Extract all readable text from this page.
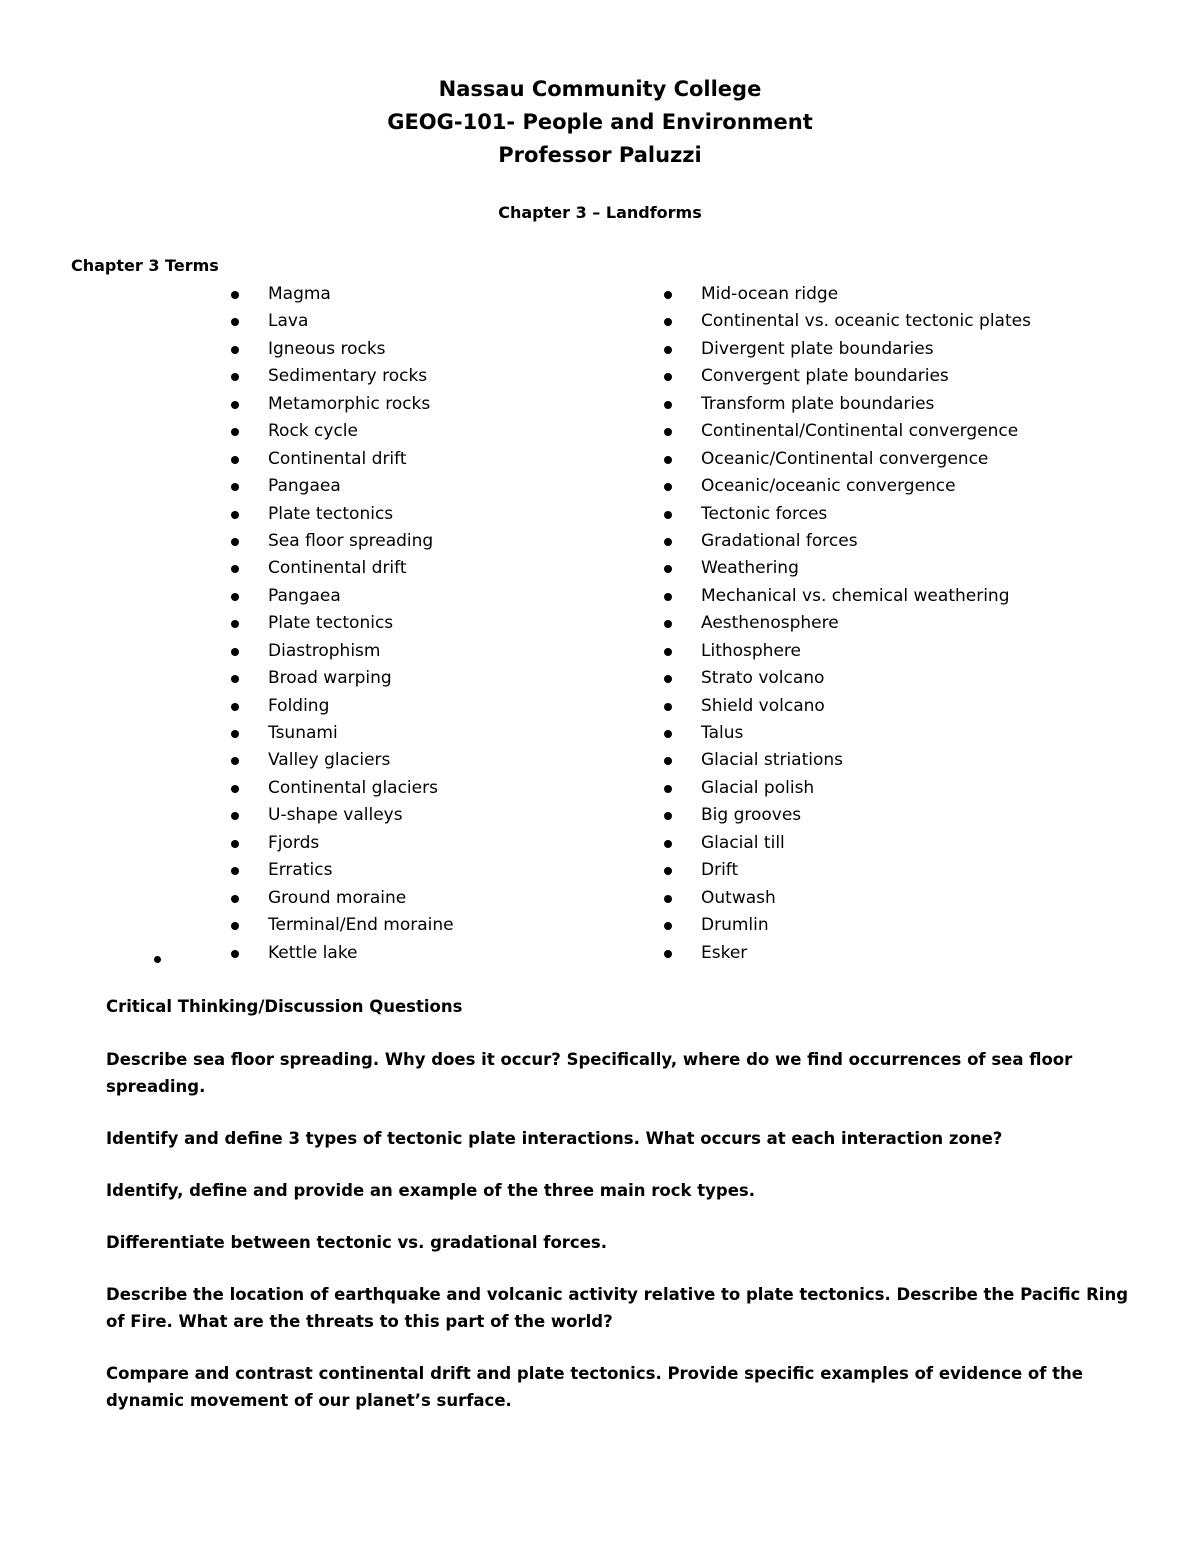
Nassau Community College
GEOG-101- People and Environment
Professor Paluzzi
Chapter 3 – Landforms
Chapter 3 Terms
Magma
Lava
Igneous rocks
Sedimentary rocks
Metamorphic rocks
Rock cycle
Continental drift
Pangaea
Plate tectonics
Sea floor spreading
Continental drift
Pangaea
Plate tectonics
Diastrophism
Broad warping
Folding
Tsunami
Valley glaciers
Continental glaciers
U-shape valleys
Fjords
Erratics
Ground moraine
Terminal/End moraine
Kettle lake
Mid-ocean ridge
Continental vs. oceanic tectonic plates
Divergent plate boundaries
Convergent plate boundaries
Transform plate boundaries
Continental/Continental convergence
Oceanic/Continental convergence
Oceanic/oceanic convergence
Tectonic forces
Gradational forces
Weathering
Mechanical vs. chemical weathering
Aesthenosphere
Lithosphere
Strato volcano
Shield volcano
Talus
Glacial striations
Glacial polish
Big grooves
Glacial till
Drift
Outwash
Drumlin
Esker

Critical Thinking/Discussion Questions

Describe sea floor spreading. Why does it occur? Specifically, where do we find occurrences of sea floor spreading.

Identify and define 3 types of tectonic plate interactions. What occurs at each interaction zone?

Identify, define and provide an example of the three main rock types.

Differentiate between tectonic vs. gradational forces.

Describe the location of earthquake and volcanic activity relative to plate tectonics. Describe the Pacific Ring of Fire. What are the threats to this part of the world?

Compare and contrast continental drift and plate tectonics. Provide specific examples of evidence of the dynamic movement of our planet’s surface.
